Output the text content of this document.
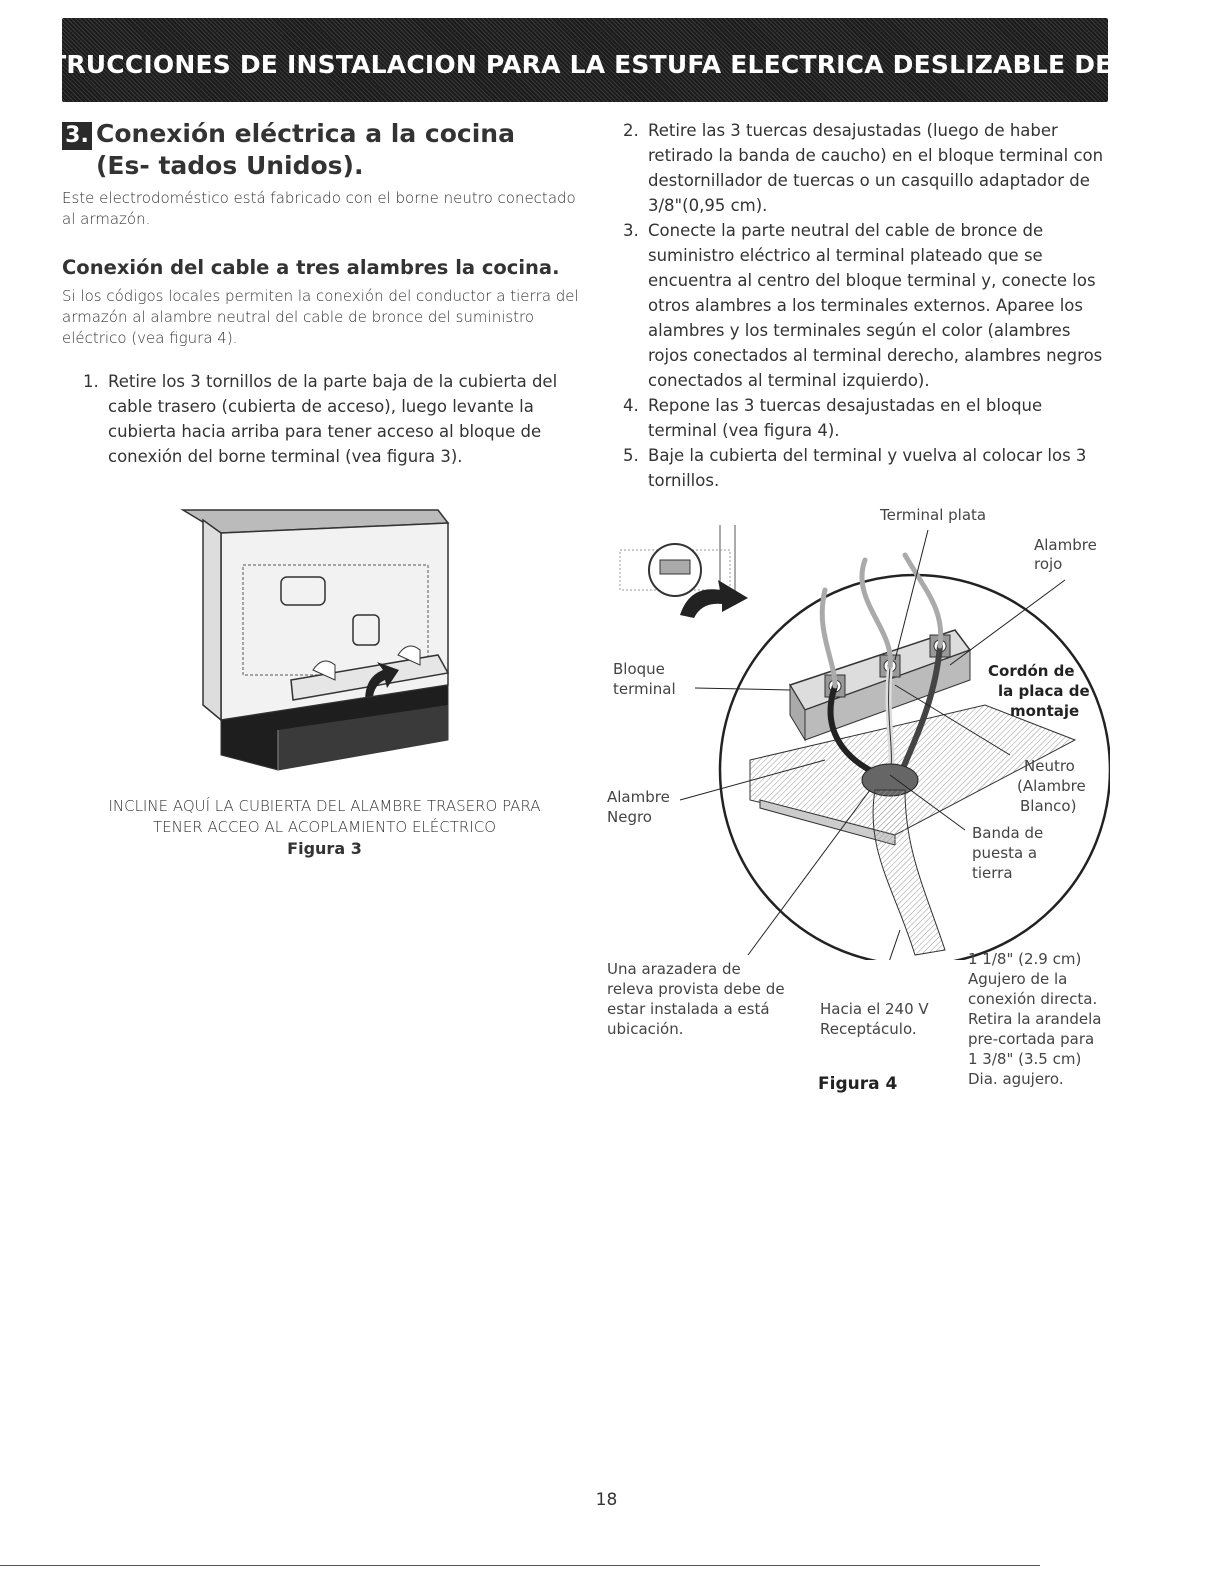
INSTRUCCIONES DE INSTALACION PARA LA ESTUFA ELECTRICA DESLIZABLE DE 30"
3. Conexión eléctrica a la cocina (Es- tados Unidos).

Este electrodoméstico está fabricado con el borne neutro conectado al armazón.

Conexión del cable a tres alambres la cocina.

Si los códigos locales permiten la conexión del conductor a tierra del armazón al alambre neutral del cable de bronce del suministro eléctrico (vea figura 4).

1. Retire los 3 tornillos de la parte baja de la cubierta del cable trasero (cubierta de acceso), luego levante la cubierta hacia arriba para tener acceso al bloque de conexión del borne terminal (vea figura 3).
2. Retire las 3 tuercas desajustadas (luego de haber retirado la banda de caucho) en el bloque terminal con destornillador de tuercas o un casquillo adaptador de 3/8"(0,95 cm).
3. Conecte la parte neutral del cable de bronce de suministro eléctrico al terminal plateado que se encuentra al centro del bloque terminal y, conecte los otros alambres a los terminales externos. Aparee los alambres y los terminales según el color (alambres rojos conectados al terminal derecho, alambres negros conectados al terminal izquierdo).
4. Repone las 3 tuercas desajustadas en el bloque terminal (vea figura 4).
5. Baje la cubierta del terminal y vuelva al colocar los 3 tornillos.
INCLINE AQUÍ LA CUBIERTA DEL ALAMBRE TRASERO PARA
TENER ACCEO AL ACOPLAMIENTO ELÉCTRICO
Figura 3
Terminal plata
Alambre
rojo
Bloque
terminal
Cordón de
la placa de
montaje
Neutro
(Alambre
Blanco)
Alambre
Negro
Banda de
puesta a
tierra
Una arazadera de
releva provista debe de
estar instalada a está
ubicación.
Hacia el 240 V
Receptáculo.
1 1/8" (2.9 cm)
Agujero de la
conexión directa.
Retira la arandela
pre-cortada para
1 3/8" (3.5 cm)
Dia. agujero.
Figura 4
18
